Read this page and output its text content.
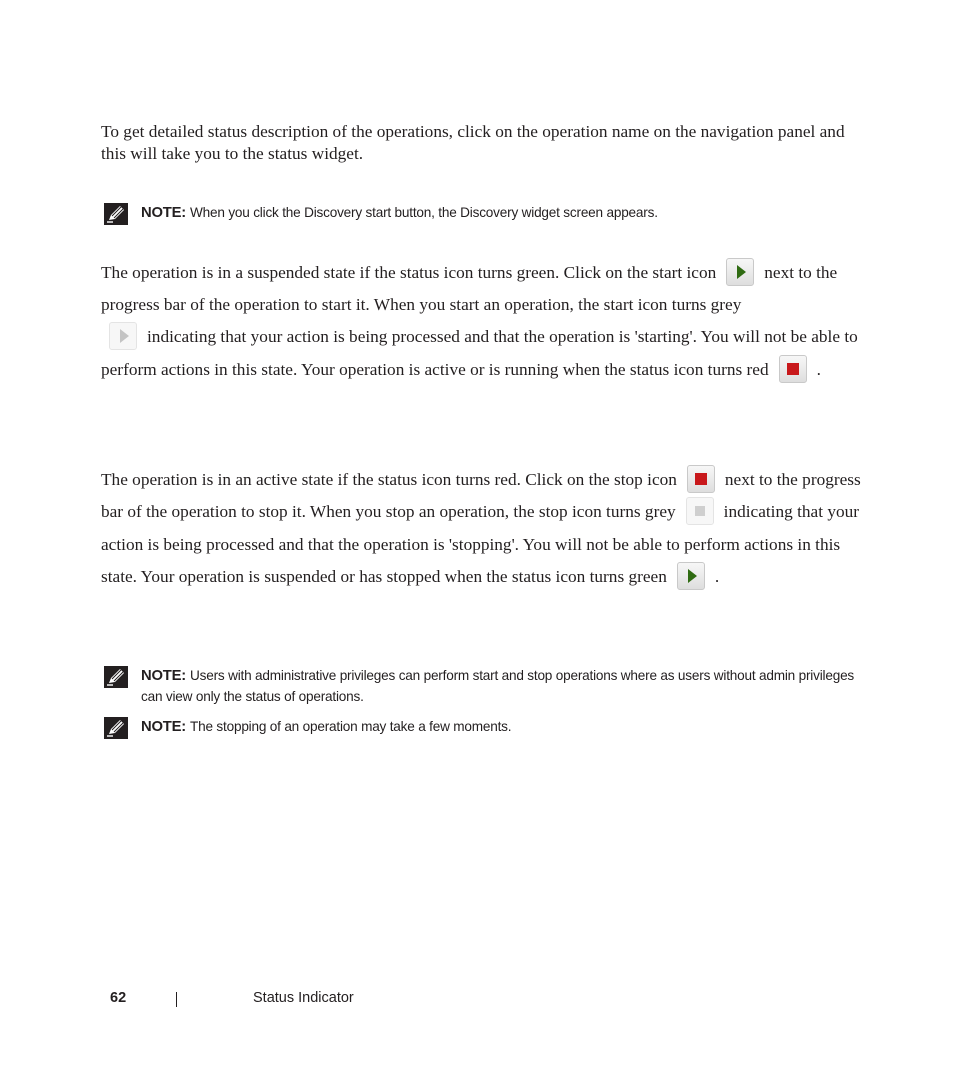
To get detailed status description of the operations, click on the operation name on the navigation panel and this will take you to the status widget.

NOTE: When you click the Discovery start button, the Discovery widget screen appears.

The operation is in a suspended state if the status icon turns green. Click on the start icon	next to the progress bar of the operation to start it. When you start an operation, the start icon turns grey
indicating that your action is being processed and that the operation is 'starting'. You will not be able to perform actions in this state. Your operation is active or is running when the status icon turns red	.

The operation is in an active state if the status icon turns red. Click on the stop icon	next to the progress bar of the operation to stop it. When you stop an operation, the stop icon turns grey	indicating that your action is being processed and that the operation is 'stopping'. You will not be able to perform actions in this state. Your operation is suspended or has stopped when the status icon turns green	.

NOTE: Users with administrative privileges can perform start and stop operations where as users without admin privileges can view only the status of operations.
NOTE: The stopping of an operation may take a few moments.
62	Status Indicator
